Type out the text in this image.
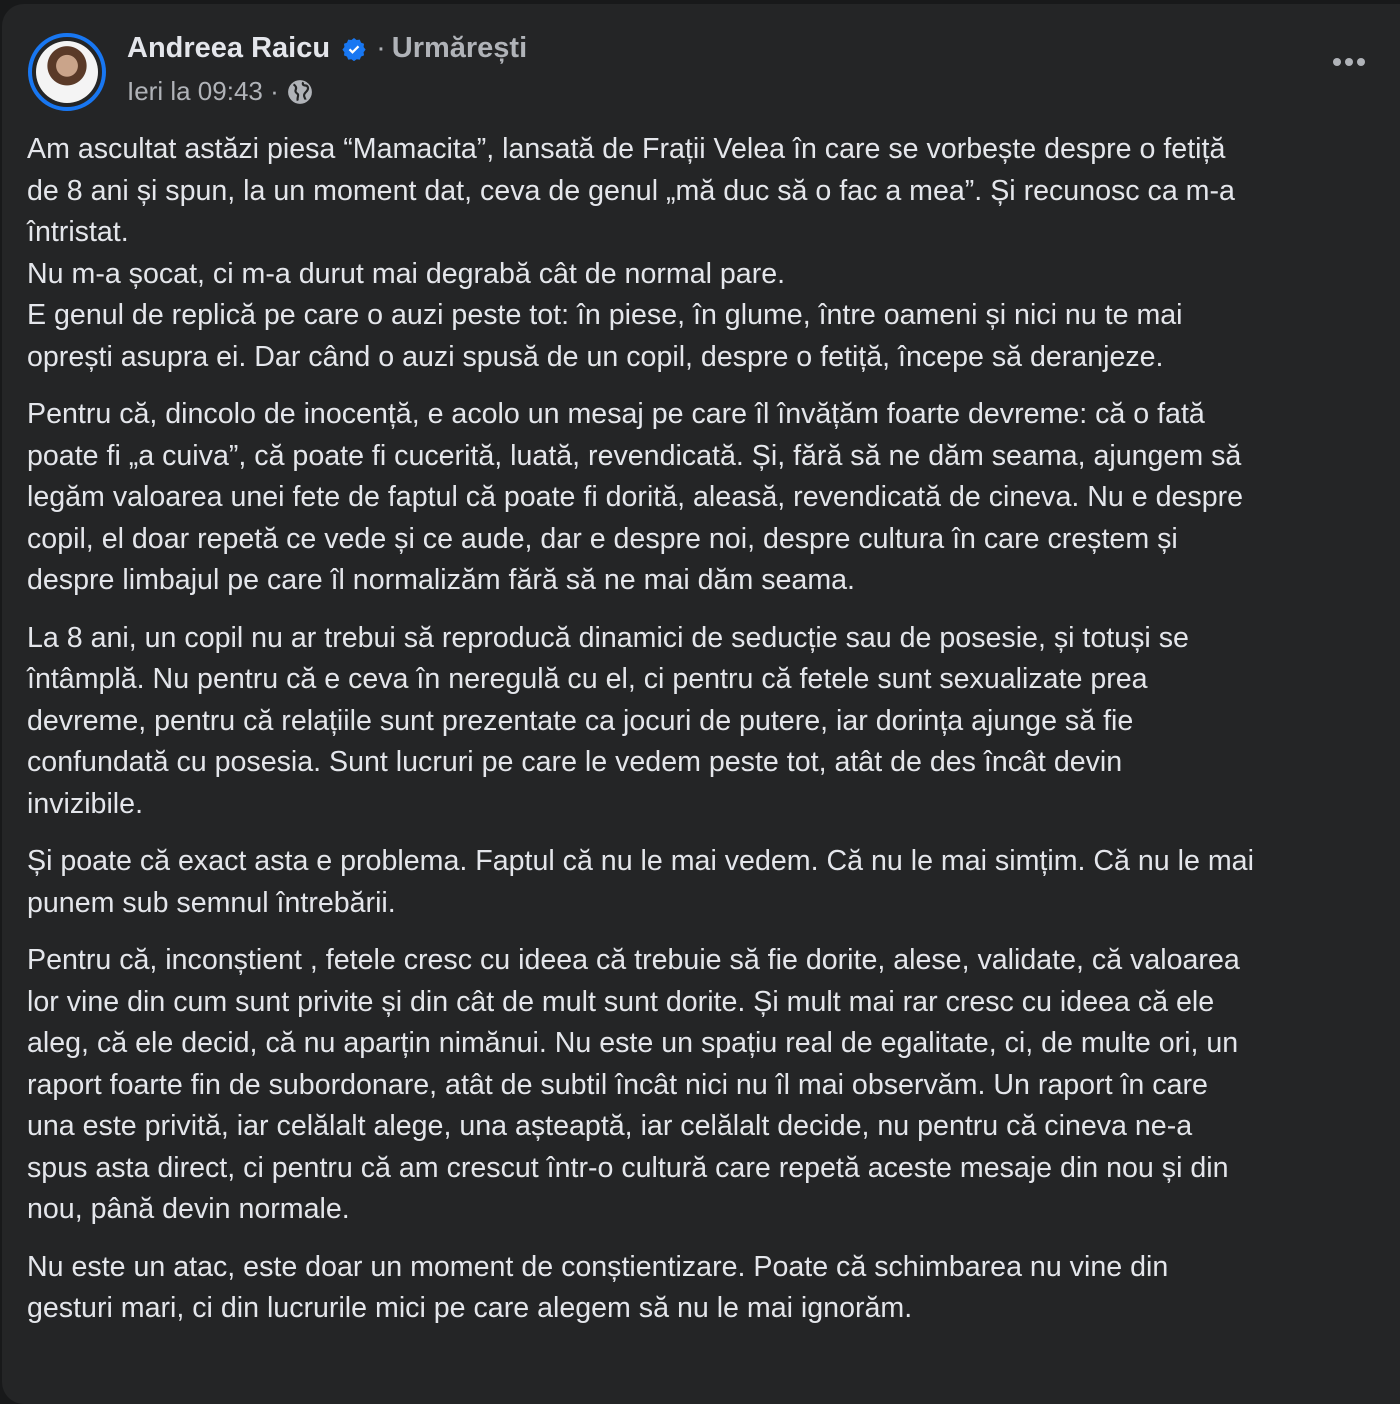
Andreea Raicu · Urmărești
Ieri la 09:43 ·
Am ascultat astăzi piesa “Mamacita”, lansată de Frații Velea în care se vorbește despre o fetiță
de 8 ani și spun, la un moment dat, ceva de genul „mă duc să o fac a mea”. Și recunosc ca m-a
întristat.
Nu m-a șocat, ci m-a durut mai degrabă cât de normal pare.
E genul de replică pe care o auzi peste tot: în piese, în glume, între oameni și nici nu te mai
oprești asupra ei. Dar când o auzi spusă de un copil, despre o fetiță, începe să deranjeze.
Pentru că, dincolo de inocență, e acolo un mesaj pe care îl învățăm foarte devreme: că o fată
poate fi „a cuiva”, că poate fi cucerită, luată, revendicată. Și, fără să ne dăm seama, ajungem să
legăm valoarea unei fete de faptul că poate fi dorită, aleasă, revendicată de cineva. Nu e despre
copil, el doar repetă ce vede și ce aude, dar e despre noi, despre cultura în care creștem și
despre limbajul pe care îl normalizăm fără să ne mai dăm seama.
La 8 ani, un copil nu ar trebui să reproducă dinamici de seducție sau de posesie, și totuși se
întâmplă. Nu pentru că e ceva în neregulă cu el, ci pentru că fetele sunt sexualizate prea
devreme, pentru că relațiile sunt prezentate ca jocuri de putere, iar dorința ajunge să fie
confundată cu posesia. Sunt lucruri pe care le vedem peste tot, atât de des încât devin
invizibile.
Și poate că exact asta e problema. Faptul că nu le mai vedem. Că nu le mai simțim. Că nu le mai
punem sub semnul întrebării.
Pentru că, inconștient , fetele cresc cu ideea că trebuie să fie dorite, alese, validate, că valoarea
lor vine din cum sunt privite și din cât de mult sunt dorite. Și mult mai rar cresc cu ideea că ele
aleg, că ele decid, că nu aparțin nimănui. Nu este un spațiu real de egalitate, ci, de multe ori, un
raport foarte fin de subordonare, atât de subtil încât nici nu îl mai observăm. Un raport în care
una este privită, iar celălalt alege, una așteaptă, iar celălalt decide, nu pentru că cineva ne-a
spus asta direct, ci pentru că am crescut într-o cultură care repetă aceste mesaje din nou și din
nou, până devin normale.
Nu este un atac, este doar un moment de conștientizare. Poate că schimbarea nu vine din
gesturi mari, ci din lucrurile mici pe care alegem să nu le mai ignorăm.
